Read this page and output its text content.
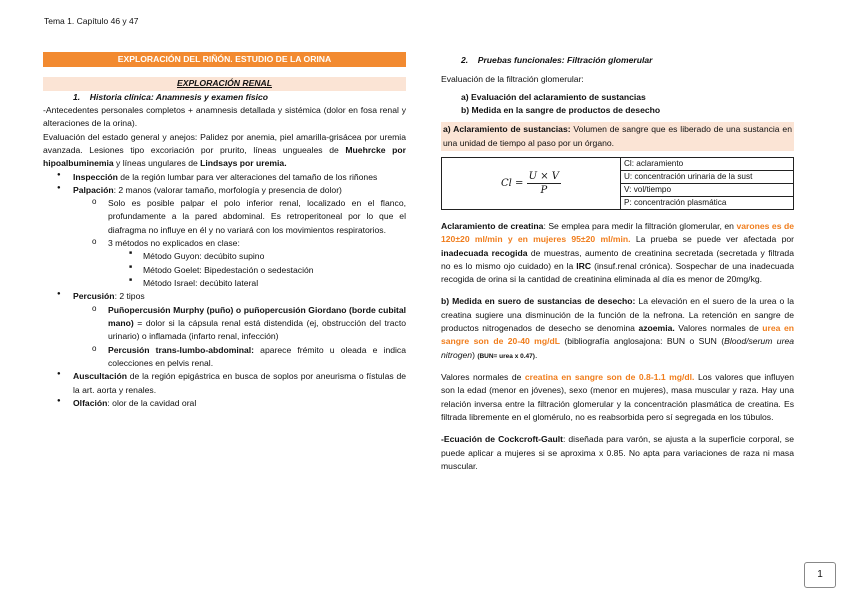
Tema 1. Capítulo 46 y 47
EXPLORACIÓN DEL RIÑÓN. ESTUDIO DE LA ORINA
EXPLORACIÓN RENAL
1. Historia clínica: Anamnesis y examen físico

-Antecedentes personales completos + anamnesis detallada y sistémica (dolor en fosa renal y alteraciones de la orina).

Evaluación del estado general y anejos: Palidez por anemia, piel amarilla-grisácea por uremia avanzada. Lesiones tipo excoriación por prurito, líneas ungueales de Muehrcke por hipoalbuminemia y líneas ungulares de Lindsays por uremia.

● Inspección de la región lumbar para ver alteraciones del tamaño de los riñones
● Palpación: 2 manos (valorar tamaño, morfología y presencia de dolor)
o Solo es posible palpar el polo inferior renal, localizado en el flanco, profundamente a la pared abdominal. Es retroperitoneal por lo que el diafragma no influye en él y no variará con los movimientos respiratorios.
o 3 métodos no explicados en clase:
■ Método Guyon: decúbito supino
■ Método Goelet: Bipedestación o sedestación
■ Método Israel: decúbito lateral
● Percusión: 2 tipos
o Puñopercusión Murphy (puño) o puñopercusión Giordano (borde cubital mano) = dolor si la cápsula renal está distendida (ej, obstrucción del tracto urinario) o inflamada (infarto renal, infección)
o Percusión trans-lumbo-abdominal: aparece frémito u oleada e indica colecciones en pelvis renal.
● Auscultación de la región epigástrica en busca de soplos por aneurisma o fístulas de la art. aorta y renales.
● Olfación: olor de la cavidad oral
2. Pruebas funcionales: Filtración glomerular

Evaluación de la filtración glomerular:

a) Evaluación del aclaramiento de sustancias

b) Medida en la sangre de productos de desecho

a) Aclaramiento de sustancias: Volumen de sangre que es liberado de una sustancia en una unidad de tiempo al paso por un órgano.
$Cl = \frac{U \times V}{P}$
	Cl: aclaramiento
U: concentración urinaria de la sust
V: vol/tiempo
P: concentración plasmática

Aclaramiento de creatina: Se emplea para medir la filtración glomerular, en varones es de 120±20 ml/min y en mujeres 95±20 ml/min. La prueba se puede ver afectada por inadecuada recogida de muestras, aumento de creatinina secretada (secretada y filtrada no es lo mismo ojo cuidado) en la IRC (insuf.renal crónica). Sospechar de una inadecuada recogida de orina si la cantidad de creatinina eliminada al día es menor de 20mg/kg.

b) Medida en suero de sustancias de desecho: La elevación en el suero de la urea o la creatina sugiere una disminución de la función de la nefrona. La retención en sangre de productos nitrogenados de desecho se denomina azoemia. Valores normales de urea en sangre son de 20-40 mg/dL (bibliografía anglosajona: BUN o SUN (Blood/serum urea nitrogen) (BUN= urea x 0.47).

Valores normales de creatina en sangre son de 0.8-1.1 mg/dl. Los valores que influyen son la edad (menor en jóvenes), sexo (menor en mujeres), masa muscular y raza. Hay una relación inversa entre la filtración glomerular y la concentración plasmática de creatina. Es filtrada libremente en el glomérulo, no es reabsorbida pero sí segregada en los túbulos.

-Ecuación de Cockcroft-Gault: diseñada para varón, se ajusta a la superficie corporal, se puede aplicar a mujeres si se aproxima x 0.85. No apta para variaciones de raza ni masa muscular.

1
